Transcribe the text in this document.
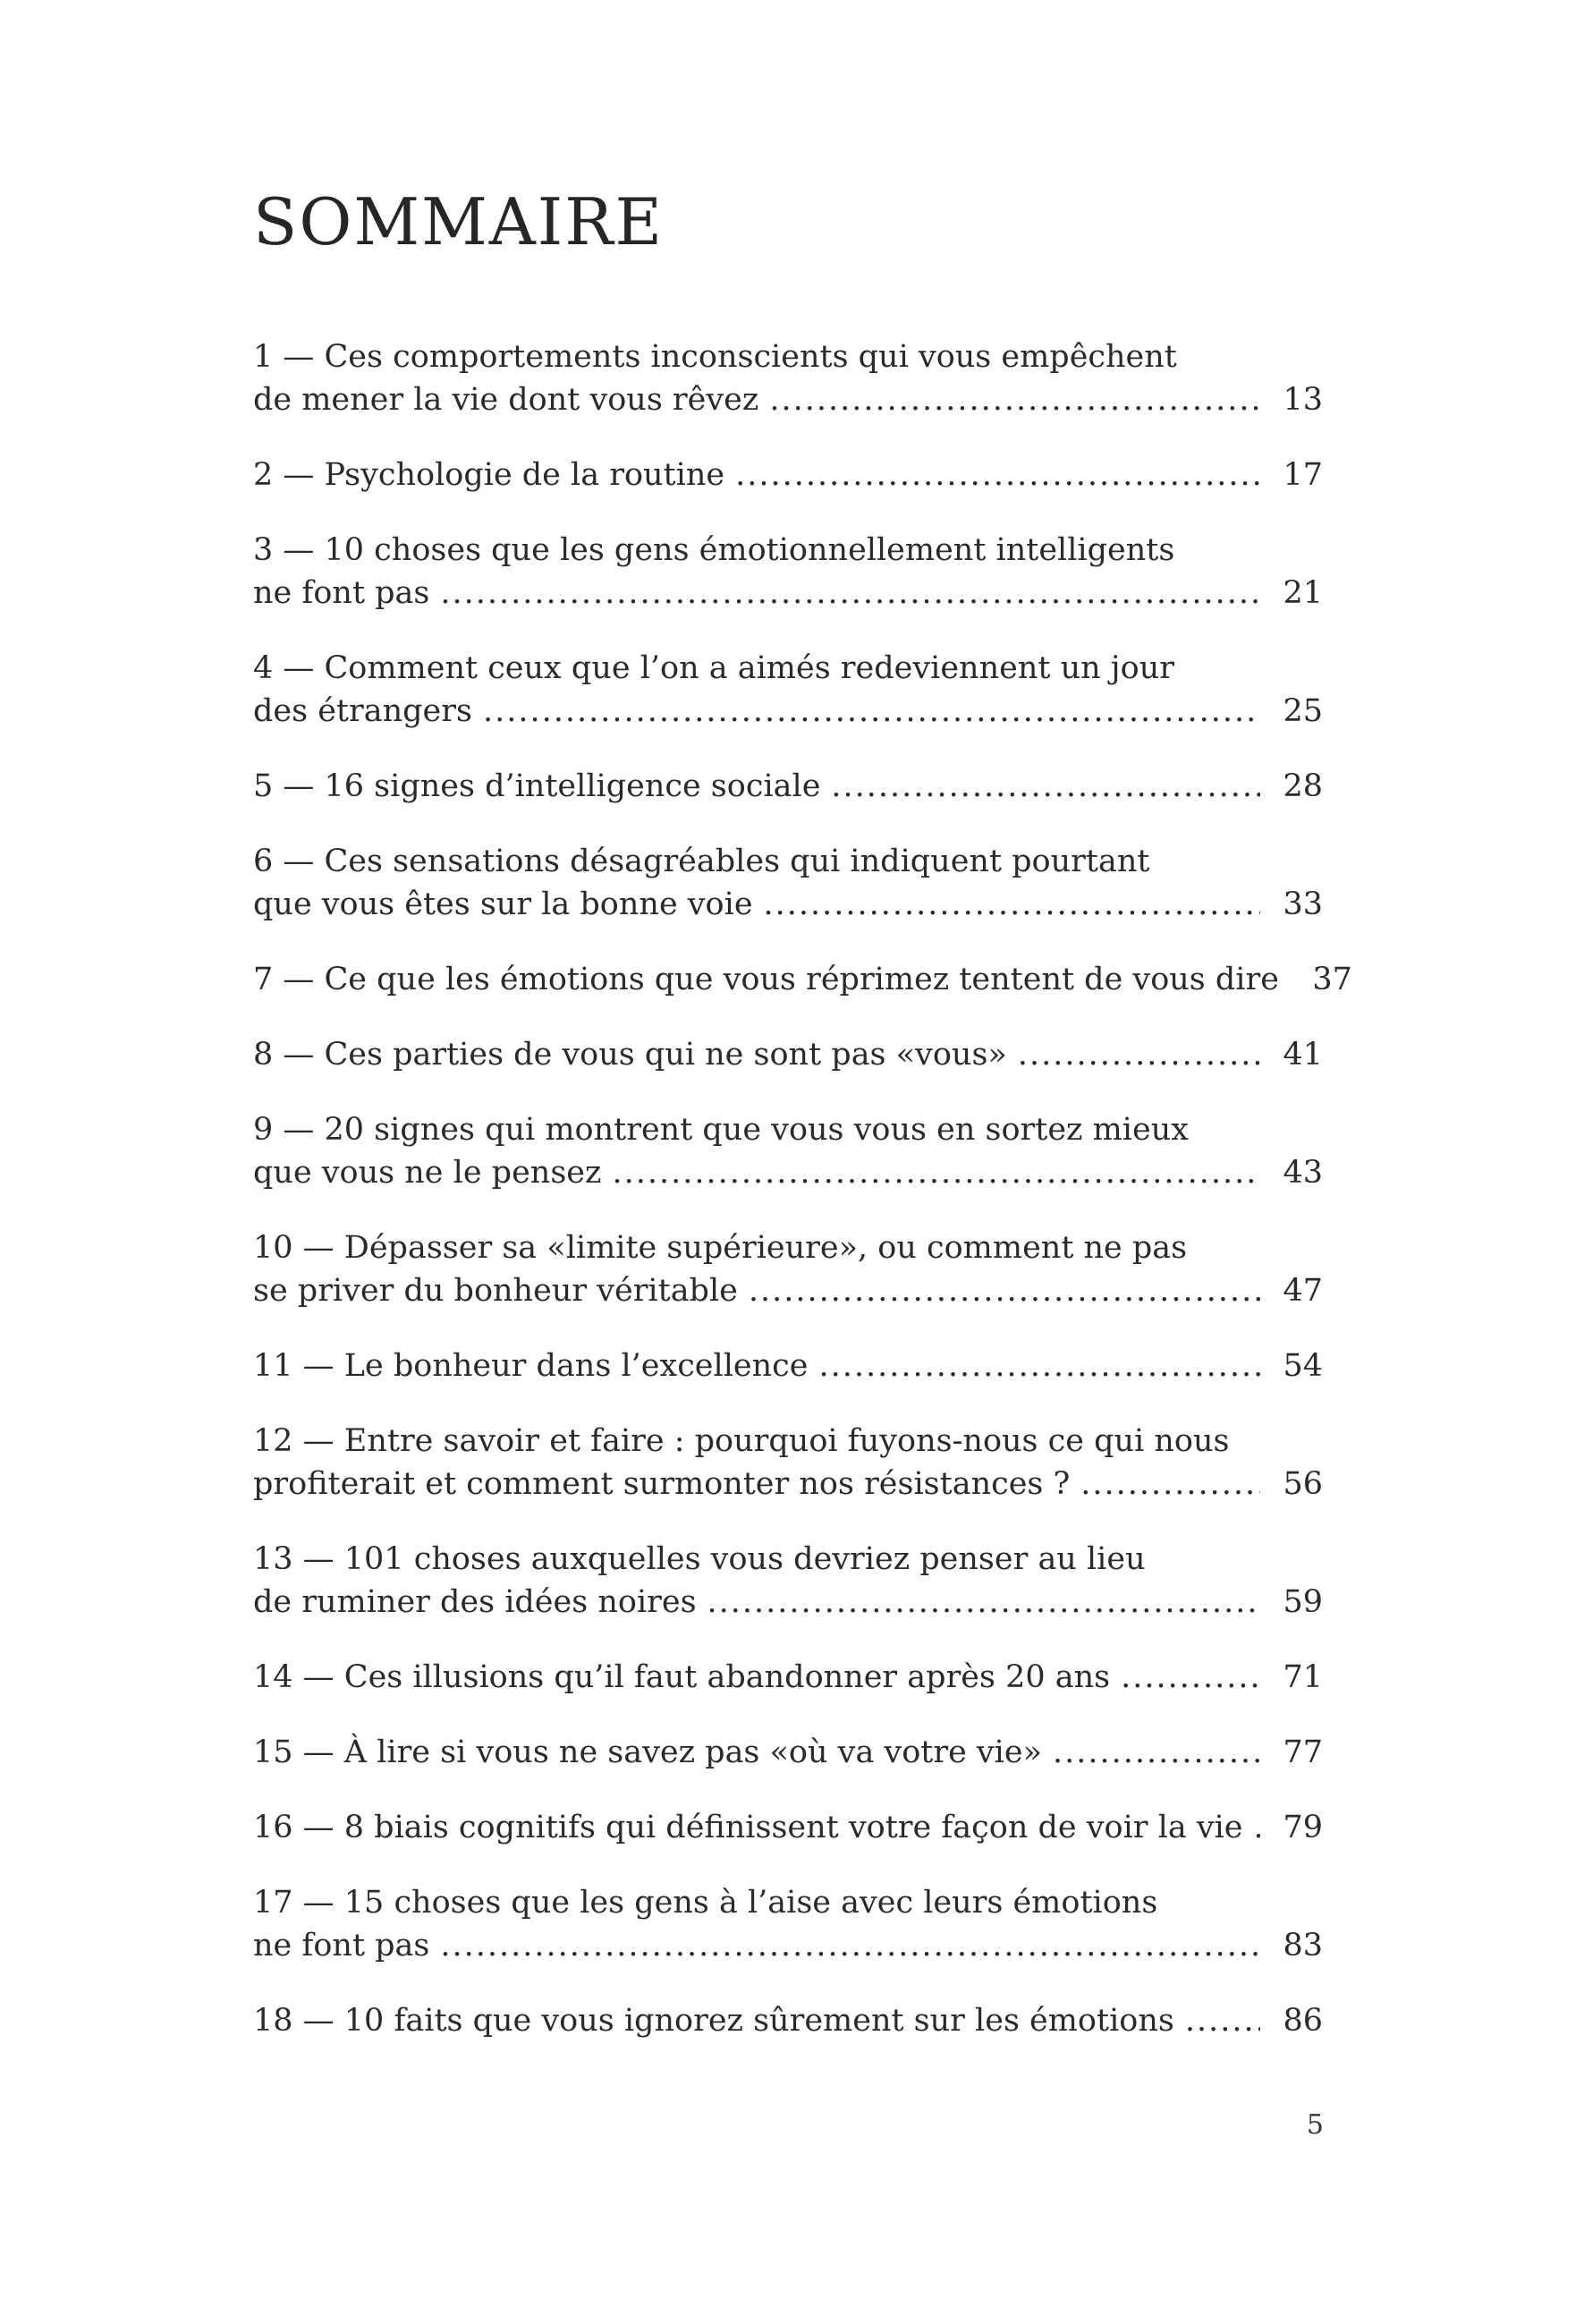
SOMMAIRE
1 — Ces comportements inconscients qui vous empêchent
de mener la vie dont vous rêvez .....	13
2 — Psychologie de la routine .....	17
3 — 10 choses que les gens émotionnellement intelligents
ne font pas .....	21
4 — Comment ceux que l’on a aimés redeviennent un jour
des étrangers .....	25
5 — 16 signes d’intelligence sociale .....	28
6 — Ces sensations désagréables qui indiquent pourtant
que vous êtes sur la bonne voie .....	33
7 — Ce que les émotions que vous réprimez tentent de vous dire	37
8 — Ces parties de vous qui ne sont pas «vous» .....	41
9 — 20 signes qui montrent que vous vous en sortez mieux
que vous ne le pensez .....	43
10 — Dépasser sa «limite supérieure», ou comment ne pas
se priver du bonheur véritable .....	47
11 — Le bonheur dans l’excellence .....	54
12 — Entre savoir et faire : pourquoi fuyons-nous ce qui nous
profiterait et comment surmonter nos résistances ? .....	56
13 — 101 choses auxquelles vous devriez penser au lieu
de ruminer des idées noires .....	59
14 — Ces illusions qu’il faut abandonner après 20 ans .....	71
15 — À lire si vous ne savez pas «où va votre vie» .....	77
16 — 8 biais cognitifs qui définissent votre façon de voir la vie .....	79
17 — 15 choses que les gens à l’aise avec leurs émotions
ne font pas .....	83
18 — 10 faits que vous ignorez sûrement sur les émotions .....	86
5
